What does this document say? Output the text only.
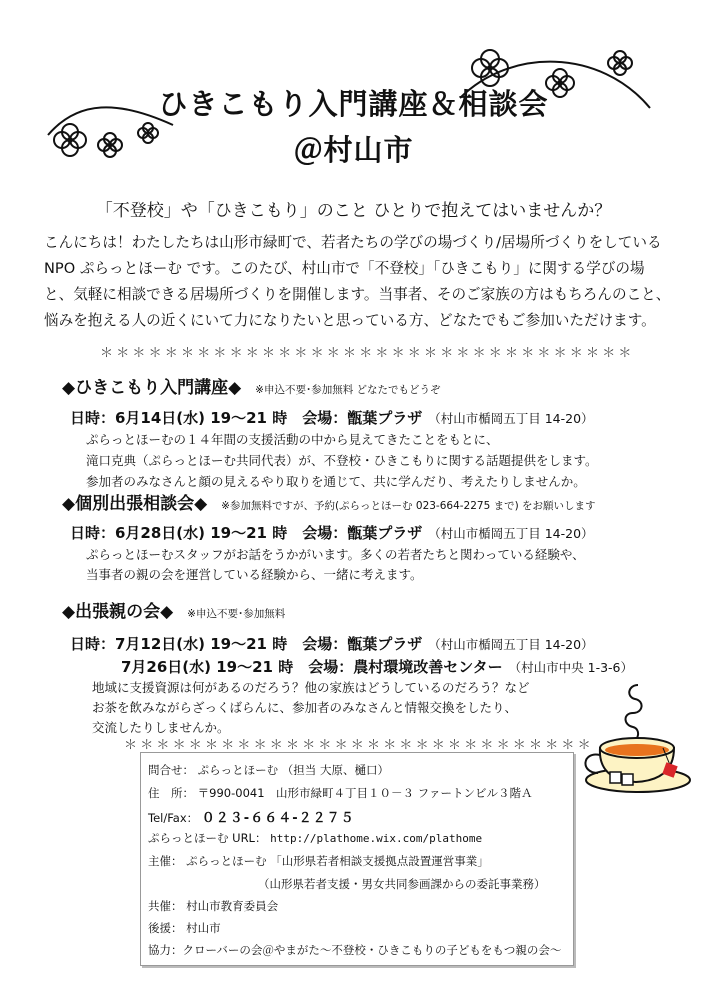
ひきこもり入門講座＆相談会
＠村山市
「不登校」や「ひきこもり」のこと ひとりで抱えてはいませんか？
こんにちは！わたしたちは山形市緑町で、若者たちの学びの場づくり/居場所づくりをしている
NPO ぷらっとほーむ です。このたび、村山市で「不登校」「ひきこもり」に関する学びの場
と、気軽に相談できる居場所づくりを開催します。当事者、そのご家族の方はもちろんのこと、
悩みを抱える人の近くにいて力になりたいと思っている方、どなたでもご参加いただけます。
＊＊＊＊＊＊＊＊＊＊＊＊＊＊＊＊＊＊＊＊＊＊＊＊＊＊＊＊＊＊＊＊＊
◆ひきこもり入門講座◆ ※申込不要･参加無料 どなたでもどうぞ
日時：6月14日(水) 19～21 時　 会場：甑葉プラザ （村山市楯岡五丁目 14-20）
ぷらっとほーむの１４年間の支援活動の中から見えてきたことをもとに、
滝口克典（ぷらっとほーむ共同代表）が、不登校・ひきこもりに関する話題提供をします。
参加者のみなさんと顔の見えるやり取りを通じて、共に学んだり、考えたりしませんか。
◆個別出張相談会◆ ※参加無料ですが、予約(ぷらっとほーむ 023-664-2275 まで) をお願いします
日時：6月28日(水) 19～21 時　 会場：甑葉プラザ （村山市楯岡五丁目 14-20）
ぷらっとほーむスタッフがお話をうかがいます。多くの若者たちと関わっている経験や、
当事者の親の会を運営している経験から、一緒に考えます。
◆出張親の会◆ ※申込不要･参加無料
日時：7月12日(水) 19～21 時　 会場：甑葉プラザ （村山市楯岡五丁目 14-20）
7月26日(水) 19～21 時　 会場：農村環境改善センター （村山市中央 1-3-6）
地域に支援資源は何があるのだろう？他の家族はどうしているのだろう？など
お茶を飲みながらざっくばらんに、参加者のみなさんと情報交換をしたり、
交流したりしませんか。
＊＊＊＊＊＊＊＊＊＊＊＊＊＊＊＊＊＊＊＊＊＊＊＊＊＊＊＊＊
問合せ： ぷらっとほーむ （担当 大原、樋口）
住　所： 〒990-0041　山形市緑町４丁目１０－３ ファートンビル３階Ａ
Tel/Fax： ０２３-６６４-２２７５
ぷらっとほーむ URL： http://plathome.wix.com/plathome
主催： ぷらっとほーむ 「山形県若者相談支援拠点設置運営事業」
（山形県若者支援・男女共同参画課からの委託事業務）
共催： 村山市教育委員会
後援： 村山市
協力：クローバーの会＠やまがた～不登校・ひきこもりの子どもをもつ親の会～
